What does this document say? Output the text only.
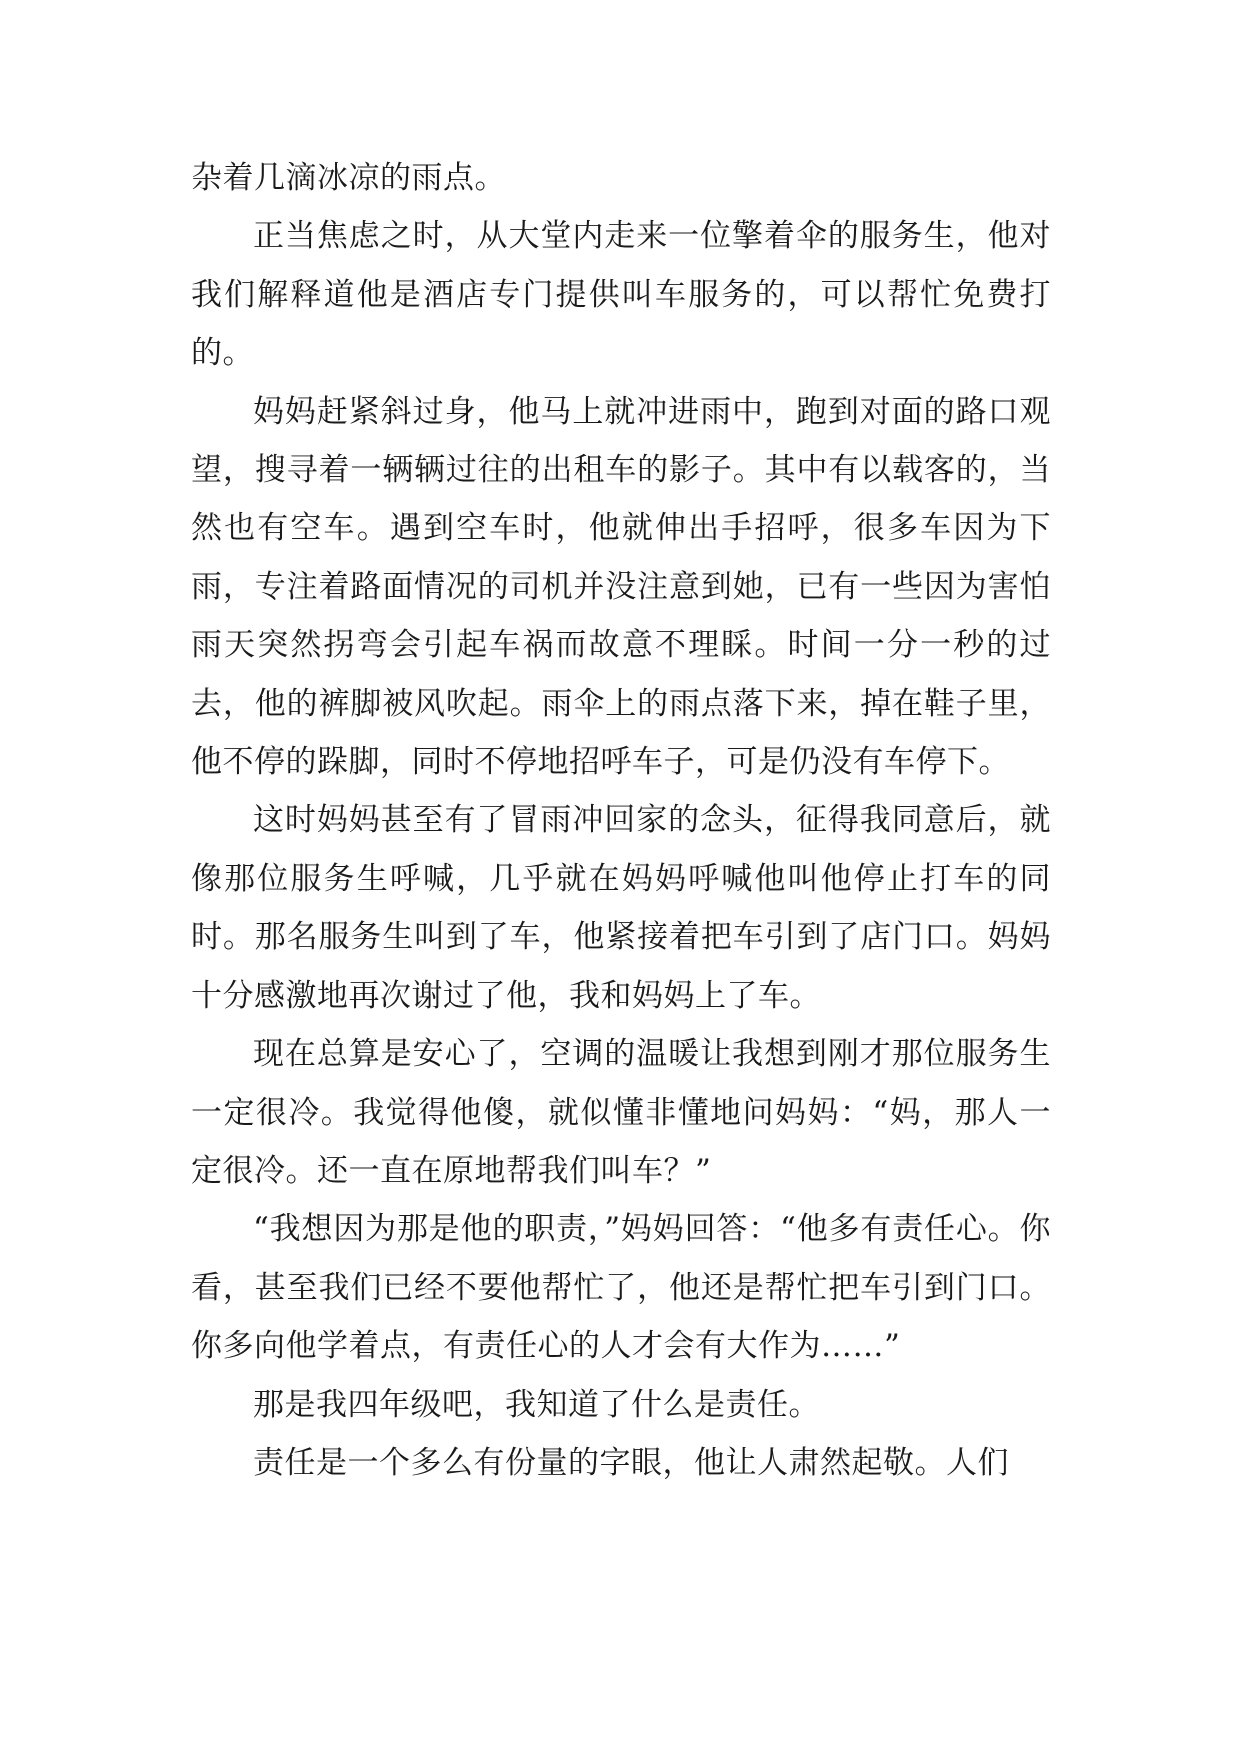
杂着几滴冰凉的雨点。

正当焦虑之时，从大堂内走来一位擎着伞的服务生，他对我们解释道他是酒店专门提供叫车服务的，可以帮忙免费打的。

妈妈赶紧斜过身，他马上就冲进雨中，跑到对面的路口观望，搜寻着一辆辆过往的出租车的影子。其中有以载客的，当然也有空车。遇到空车时，他就伸出手招呼，很多车因为下雨，专注着路面情况的司机并没注意到她，已有一些因为害怕雨天突然拐弯会引起车祸而故意不理睬。时间一分一秒的过去，他的裤脚被风吹起。雨伞上的雨点落下来，掉在鞋子里，他不停的跺脚，同时不停地招呼车子，可是仍没有车停下。

这时妈妈甚至有了冒雨冲回家的念头，征得我同意后，就像那位服务生呼喊，几乎就在妈妈呼喊他叫他停止打车的同时。那名服务生叫到了车，他紧接着把车引到了店门口。妈妈十分感激地再次谢过了他，我和妈妈上了车。

现在总算是安心了，空调的温暖让我想到刚才那位服务生一定很冷。我觉得他傻，就似懂非懂地问妈妈：“妈，那人一定很冷。还一直在原地帮我们叫车？”

“我想因为那是他的职责，”妈妈回答：“他多有责任心。你看，甚至我们已经不要他帮忙了，他还是帮忙把车引到门口。你多向他学着点，有责任心的人才会有大作为……”

那是我四年级吧，我知道了什么是责任。

责任是一个多么有份量的字眼，他让人肃然起敬。人们
